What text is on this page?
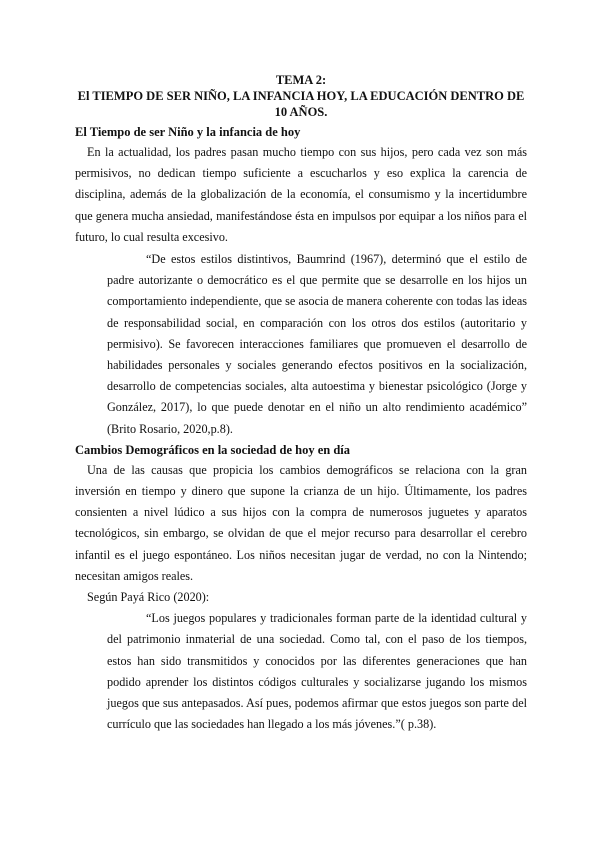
TEMA 2:
El TIEMPO DE SER NIÑO, LA INFANCIA HOY, LA EDUCACIÓN DENTRO DE 10 AÑOS.
El Tiempo de ser Niño y la infancia de hoy

En la actualidad, los padres pasan mucho tiempo con sus hijos, pero cada vez son más permisivos, no dedican tiempo suficiente a escucharlos y eso explica la carencia de disciplina, además de la globalización de la economía, el consumismo y la incertidumbre que genera mucha ansiedad, manifestándose ésta en impulsos por equipar a los niños para el futuro, lo cual resulta excesivo.

“De estos estilos distintivos, Baumrind (1967), determinó que el estilo de padre autorizante o democrático es el que permite que se desarrolle en los hijos un comportamiento independiente, que se asocia de manera coherente con todas las ideas de responsabilidad social, en comparación con los otros dos estilos (autoritario y permisivo). Se favorecen interacciones familiares que promueven el desarrollo de habilidades personales y sociales generando efectos positivos en la socialización, desarrollo de competencias sociales, alta autoestima y bienestar psicológico (Jorge y González, 2017), lo que puede denotar en el niño un alto rendimiento académico” (Brito Rosario, 2020,p.8).

Cambios Demográficos en la sociedad de hoy en día

Una de las causas que propicia los cambios demográficos se relaciona con la gran inversión en tiempo y dinero que supone la crianza de un hijo. Últimamente, los padres consienten a nivel lúdico a sus hijos con la compra de numerosos juguetes y aparatos tecnológicos, sin embargo, se olvidan de que el mejor recurso para desarrollar el cerebro infantil es el juego espontáneo. Los niños necesitan jugar de verdad, no con la Nintendo; necesitan amigos reales.

Según Payá Rico (2020):

“Los juegos populares y tradicionales forman parte de la identidad cultural y del patrimonio inmaterial de una sociedad. Como tal, con el paso de los tiempos, estos han sido transmitidos y conocidos por las diferentes generaciones que han podido aprender los distintos códigos culturales y socializarse jugando los mismos juegos que sus antepasados. Así pues, podemos afirmar que estos juegos son parte del currículo que las sociedades han llegado a los más jóvenes.”( p.38).
